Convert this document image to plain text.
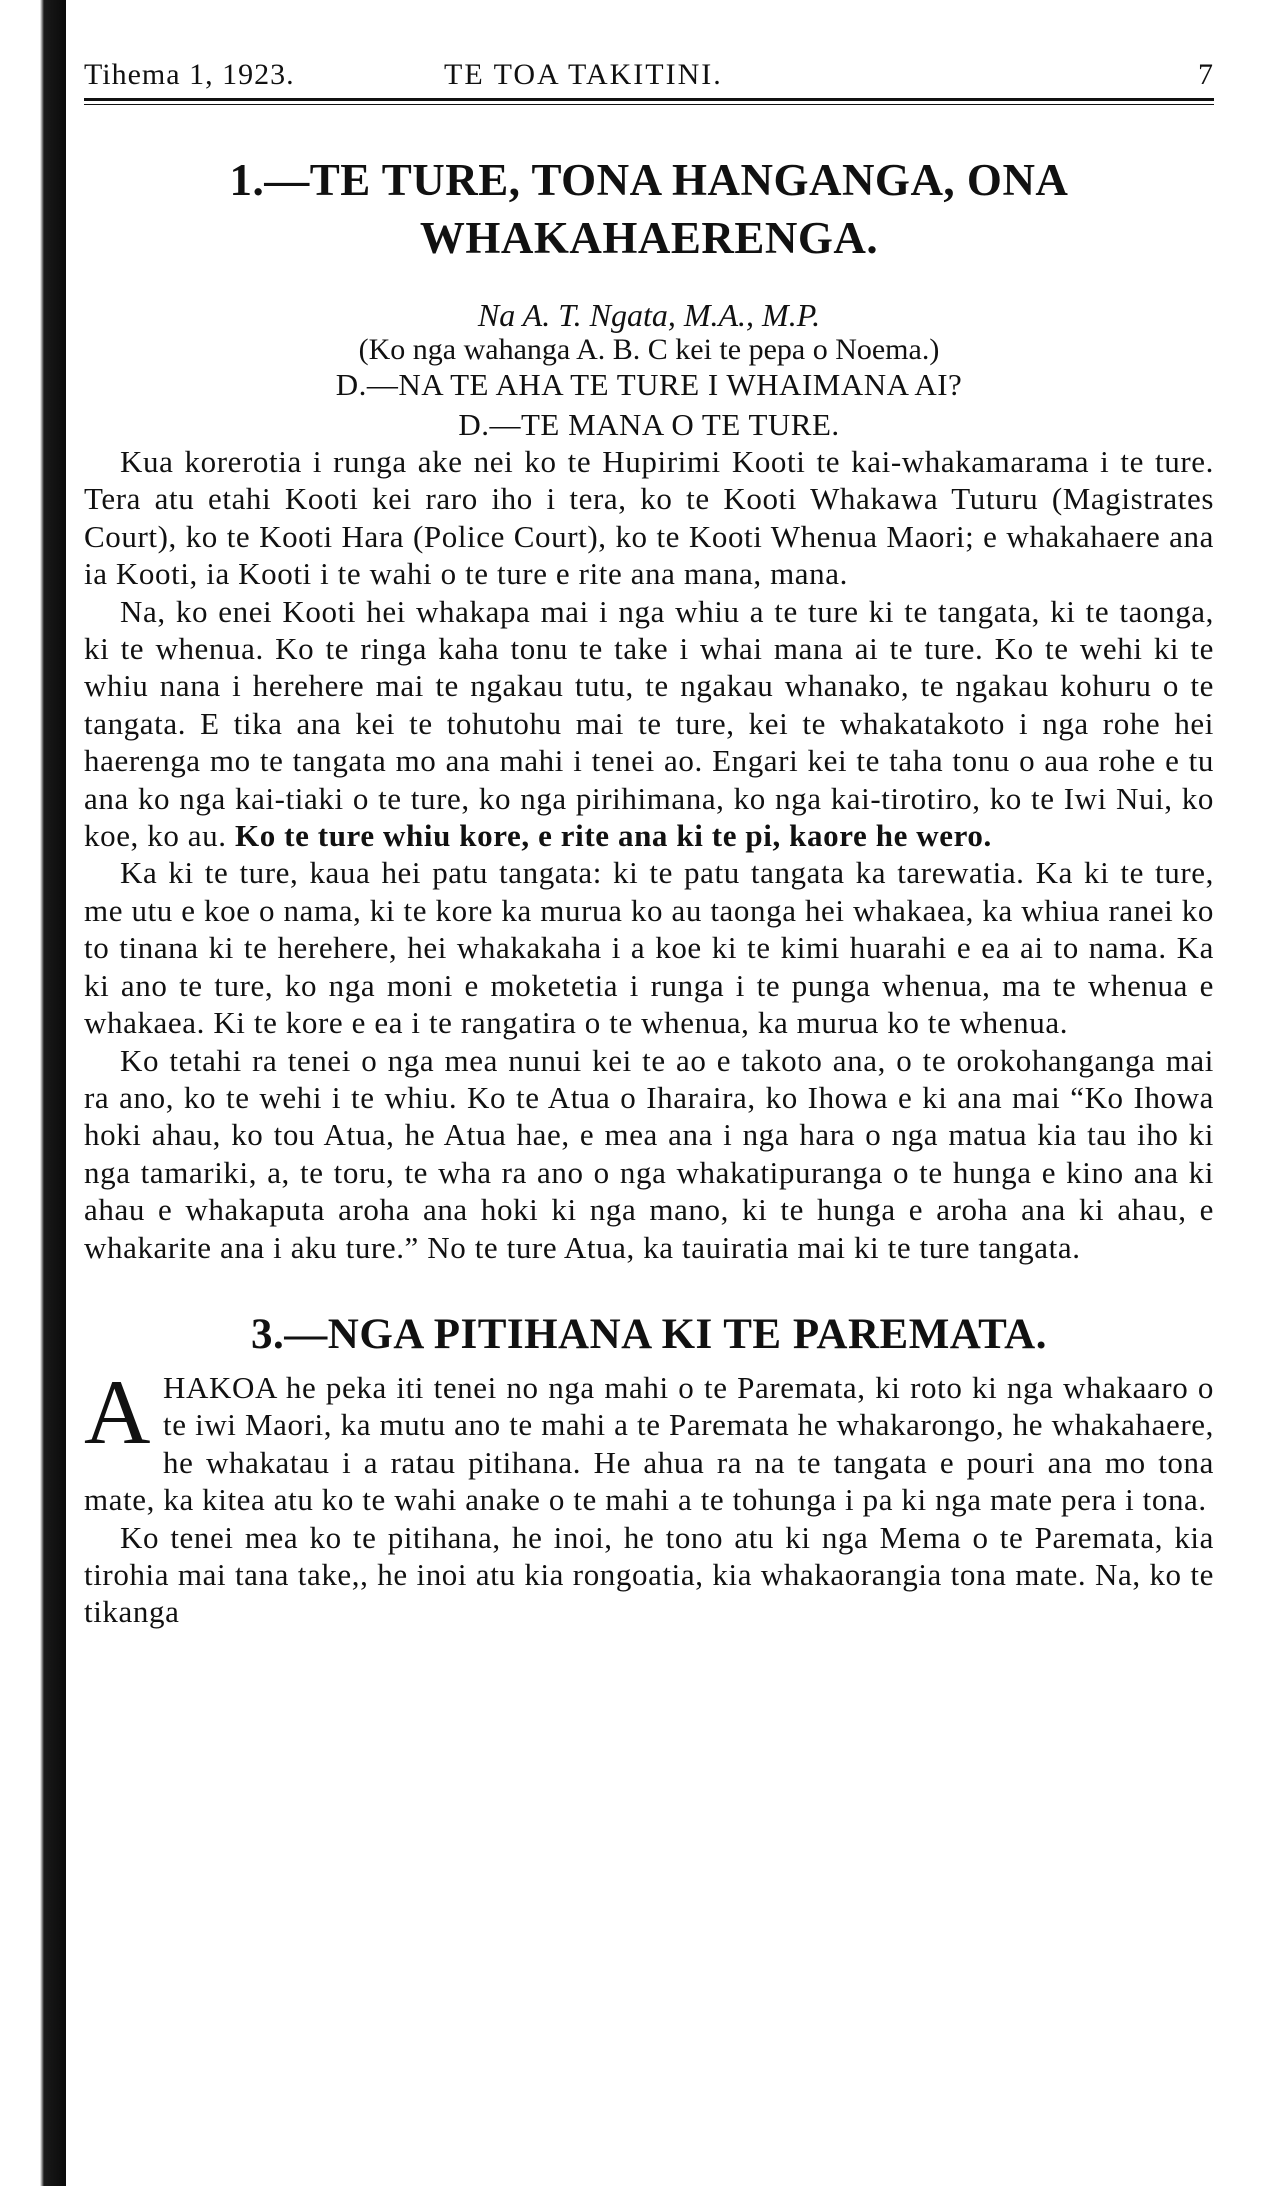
Tihema 1, 1923.	TE TOA TAKITINI.	7
1.—TE TURE, TONA HANGANGA, ONA WHAKAHAERENGA.
Na A. T. Ngata, M.A., M.P.
(Ko nga wahanga A. B. C kei te pepa o Noema.)
D.—NA TE AHA TE TURE I WHAIMANA AI?
D.—TE MANA O TE TURE.

Kua korerotia i runga ake nei ko te Hupirimi Kooti te kai-whakamarama i te ture. Tera atu etahi Kooti kei raro iho i tera, ko te Kooti Whakawa Tuturu (Magistrates Court), ko te Kooti Hara (Police Court), ko te Kooti Whenua Maori; e whakahaere ana ia Kooti, ia Kooti i te wahi o te ture e rite ana mana, mana.

Na, ko enei Kooti hei whakapa mai i nga whiu a te ture ki te tangata, ki te taonga, ki te whenua. Ko te ringa kaha tonu te take i whai mana ai te ture. Ko te wehi ki te whiu nana i herehere mai te ngakau tutu, te ngakau whanako, te ngakau kohuru o te tangata. E tika ana kei te tohutohu mai te ture, kei te whakatakoto i nga rohe hei haerenga mo te tangata mo ana mahi i tenei ao. Engari kei te taha tonu o aua rohe e tu ana ko nga kai-tiaki o te ture, ko nga pirihimana, ko nga kai-tirotiro, ko te Iwi Nui, ko koe, ko au. Ko te ture whiu kore, e rite ana ki te pi, kaore he wero.

Ka ki te ture, kaua hei patu tangata: ki te patu tangata ka tarewatia. Ka ki te ture, me utu e koe o nama, ki te kore ka murua ko au taonga hei whakaea, ka whiua ranei ko to tinana ki te herehere, hei whakakaha i a koe ki te kimi huarahi e ea ai to nama. Ka ki ano te ture, ko nga moni e moketetia i runga i te punga whenua, ma te whenua e whakaea. Ki te kore e ea i te rangatira o te whenua, ka murua ko te whenua.

Ko tetahi ra tenei o nga mea nunui kei te ao e takoto ana, o te orokohanganga mai ra ano, ko te wehi i te whiu. Ko te Atua o Iharaira, ko Ihowa e ki ana mai “Ko Ihowa hoki ahau, ko tou Atua, he Atua hae, e mea ana i nga hara o nga matua kia tau iho ki nga tamariki, a, te toru, te wha ra ano o nga whakatipuranga o te hunga e kino ana ki ahau e whakaputa aroha ana hoki ki nga mano, ki te hunga e aroha ana ki ahau, e whakarite ana i aku ture.” No te ture Atua, ka tauiratia mai ki te ture tangata.

3.—NGA PITIHANA KI TE PAREMATA.

AHAKOA he peka iti tenei no nga mahi o te Paremata, ki roto ki nga whakaaro o te iwi Maori, ka mutu ano te mahi a te Paremata he whakarongo, he whakahaere, he whakatau i a ratau pitihana. He ahua ra na te tangata e pouri ana mo tona mate, ka kitea atu ko te wahi anake o te mahi a te tohunga i pa ki nga mate pera i tona.

Ko tenei mea ko te pitihana, he inoi, he tono atu ki nga Mema o te Paremata, kia tirohia mai tana take,, he inoi atu kia rongoatia, kia whakaorangia tona mate. Na, ko te tikanga
